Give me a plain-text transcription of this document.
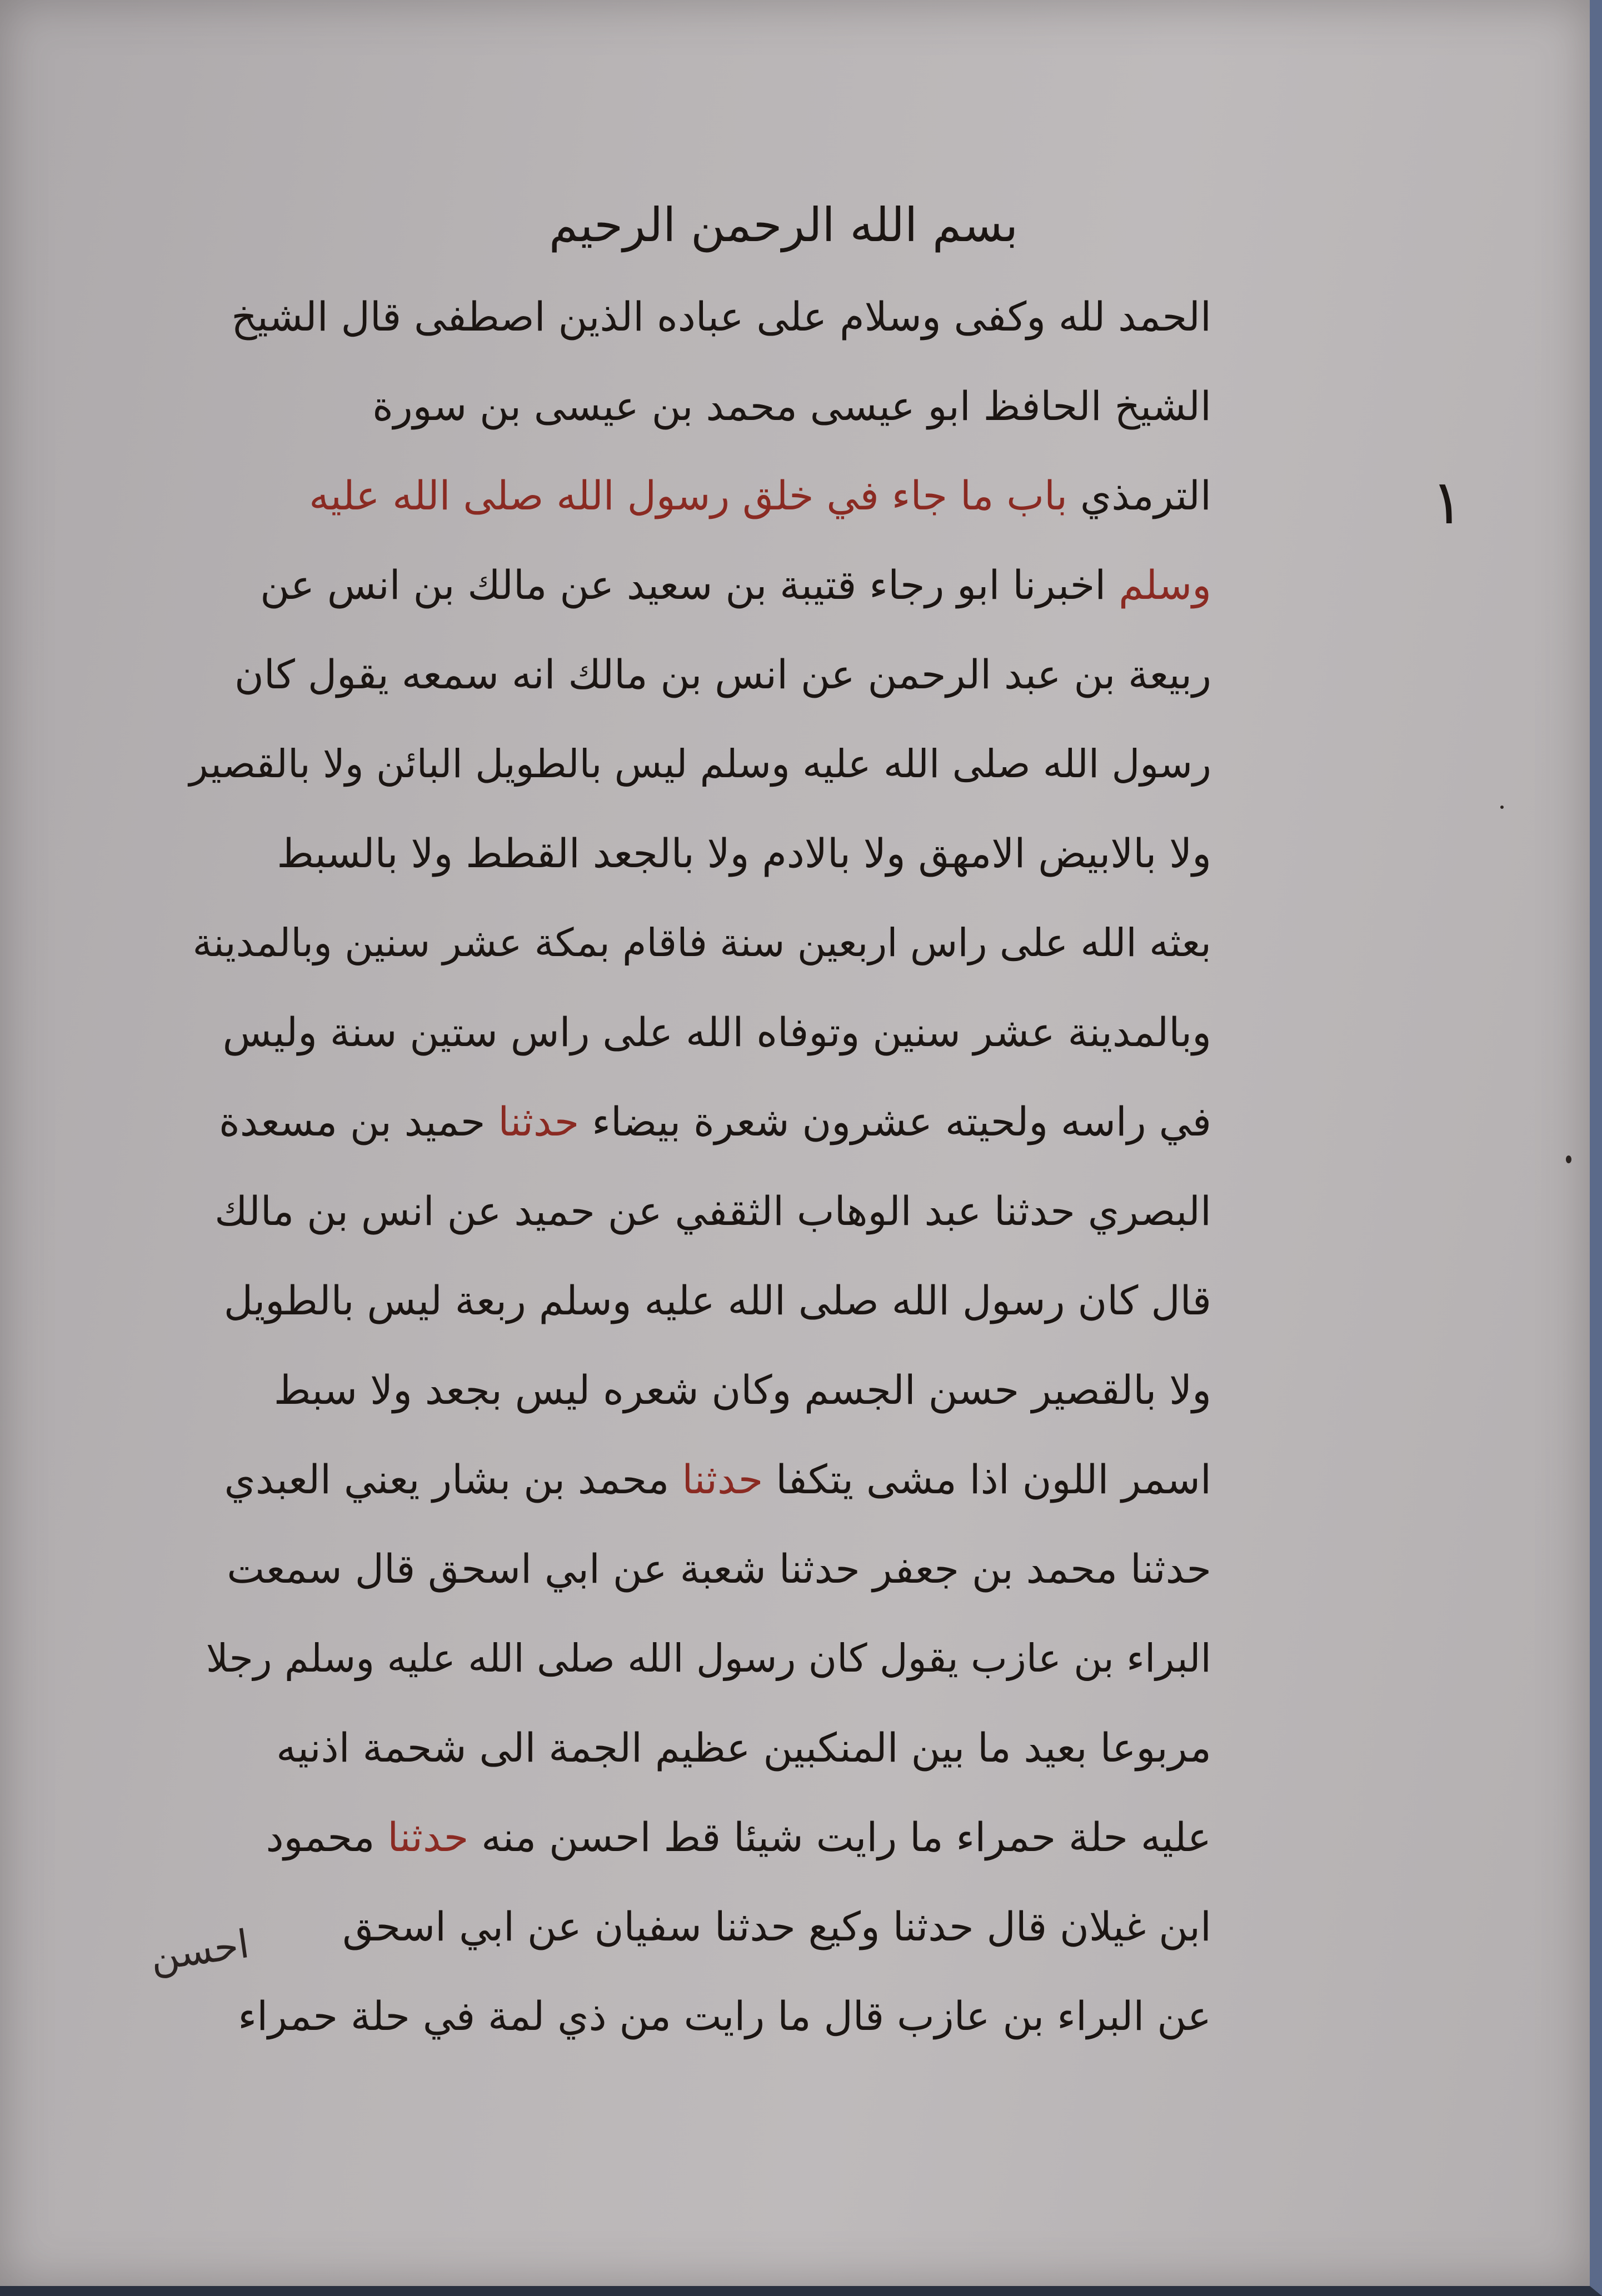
بسم الله الرحمن الرحيم
١
الحمد لله وكفى وسلام على عباده الذين اصطفى قال الشيخ
الشيخ الحافظ ابو عيسى محمد بن عيسى بن سورة
الترمذي باب ما جاء في خلق رسول الله صلى الله عليه
وسلم اخبرنا ابو رجاء قتيبة بن سعيد عن مالك بن انس عن
ربيعة بن عبد الرحمن عن انس بن مالك انه سمعه يقول كان
رسول الله صلى الله عليه وسلم ليس بالطويل البائن ولا بالقصير
ولا بالابيض الامهق ولا بالادم ولا بالجعد القطط ولا بالسبط
بعثه الله على راس اربعين سنة فاقام بمكة عشر سنين وبالمدينة
وبالمدينة عشر سنين وتوفاه الله على راس ستين سنة وليس
في راسه ولحيته عشرون شعرة بيضاء حدثنا حميد بن مسعدة
البصري حدثنا عبد الوهاب الثقفي عن حميد عن انس بن مالك
قال كان رسول الله صلى الله عليه وسلم ربعة ليس بالطويل
ولا بالقصير حسن الجسم وكان شعره ليس بجعد ولا سبط
اسمر اللون اذا مشى يتكفا حدثنا محمد بن بشار يعني العبدي
حدثنا محمد بن جعفر حدثنا شعبة عن ابي اسحق قال سمعت
البراء بن عازب يقول كان رسول الله صلى الله عليه وسلم رجلا
مربوعا بعيد ما بين المنكبين عظيم الجمة الى شحمة اذنيه
عليه حلة حمراء ما رايت شيئا قط احسن منه حدثنا محمود
ابن غيلان قال حدثنا وكيع حدثنا سفيان عن ابي اسحق
عن البراء بن عازب قال ما رايت من ذي لمة في حلة حمراء
احسن
